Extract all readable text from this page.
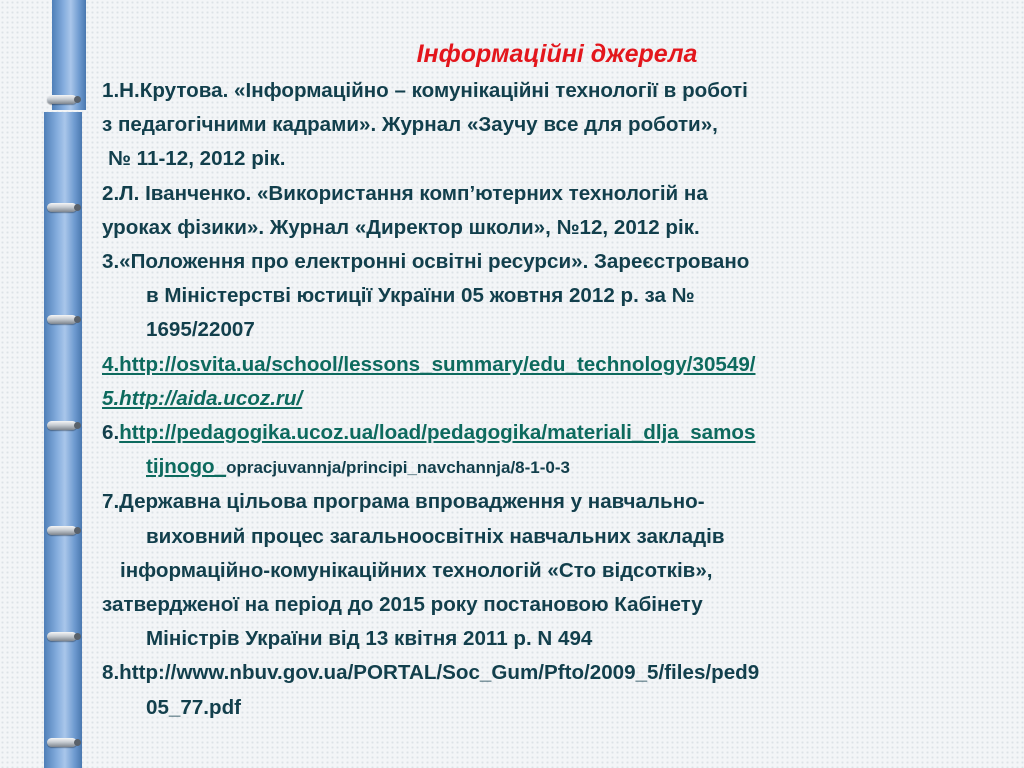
Інформаційні джерела
1.Н.Крутова. «Інформаційно – комунікаційні технології в роботі
з педагогічними кадрами». Журнал «Заучу все для роботи»,
№ 11-12, 2012 рік.
2.Л. Іванченко. «Використання комп’ютерних технологій на
уроках фізики». Журнал «Директор школи», №12, 2012 рік.
3.«Положення про електронні освітні ресурси». Зареєстровано
в Міністерстві юстиції України 05 жовтня 2012 р. за №
1695/22007
4.http://osvita.ua/school/lessons_summary/edu_technology/30549/
5.http://aida.ucoz.ru/
6.http://pedagogika.ucoz.ua/load/pedagogika/materiali_dlja_samos
tijnogo_opracjuvannja/principi_navchannja/8-1-0-3
7.Державна цільова програма впровадження у навчально-
виховний процес загальноосвітніх навчальних закладів
інформаційно-комунікаційних технологій «Сто відсотків»,
затвердженої на період до 2015 року постановою Кабінету
Міністрів України від 13 квітня 2011 р. N 494
8.http://www.nbuv.gov.ua/PORTAL/Soc_Gum/Pfto/2009_5/files/ped9
05_77.pdf
